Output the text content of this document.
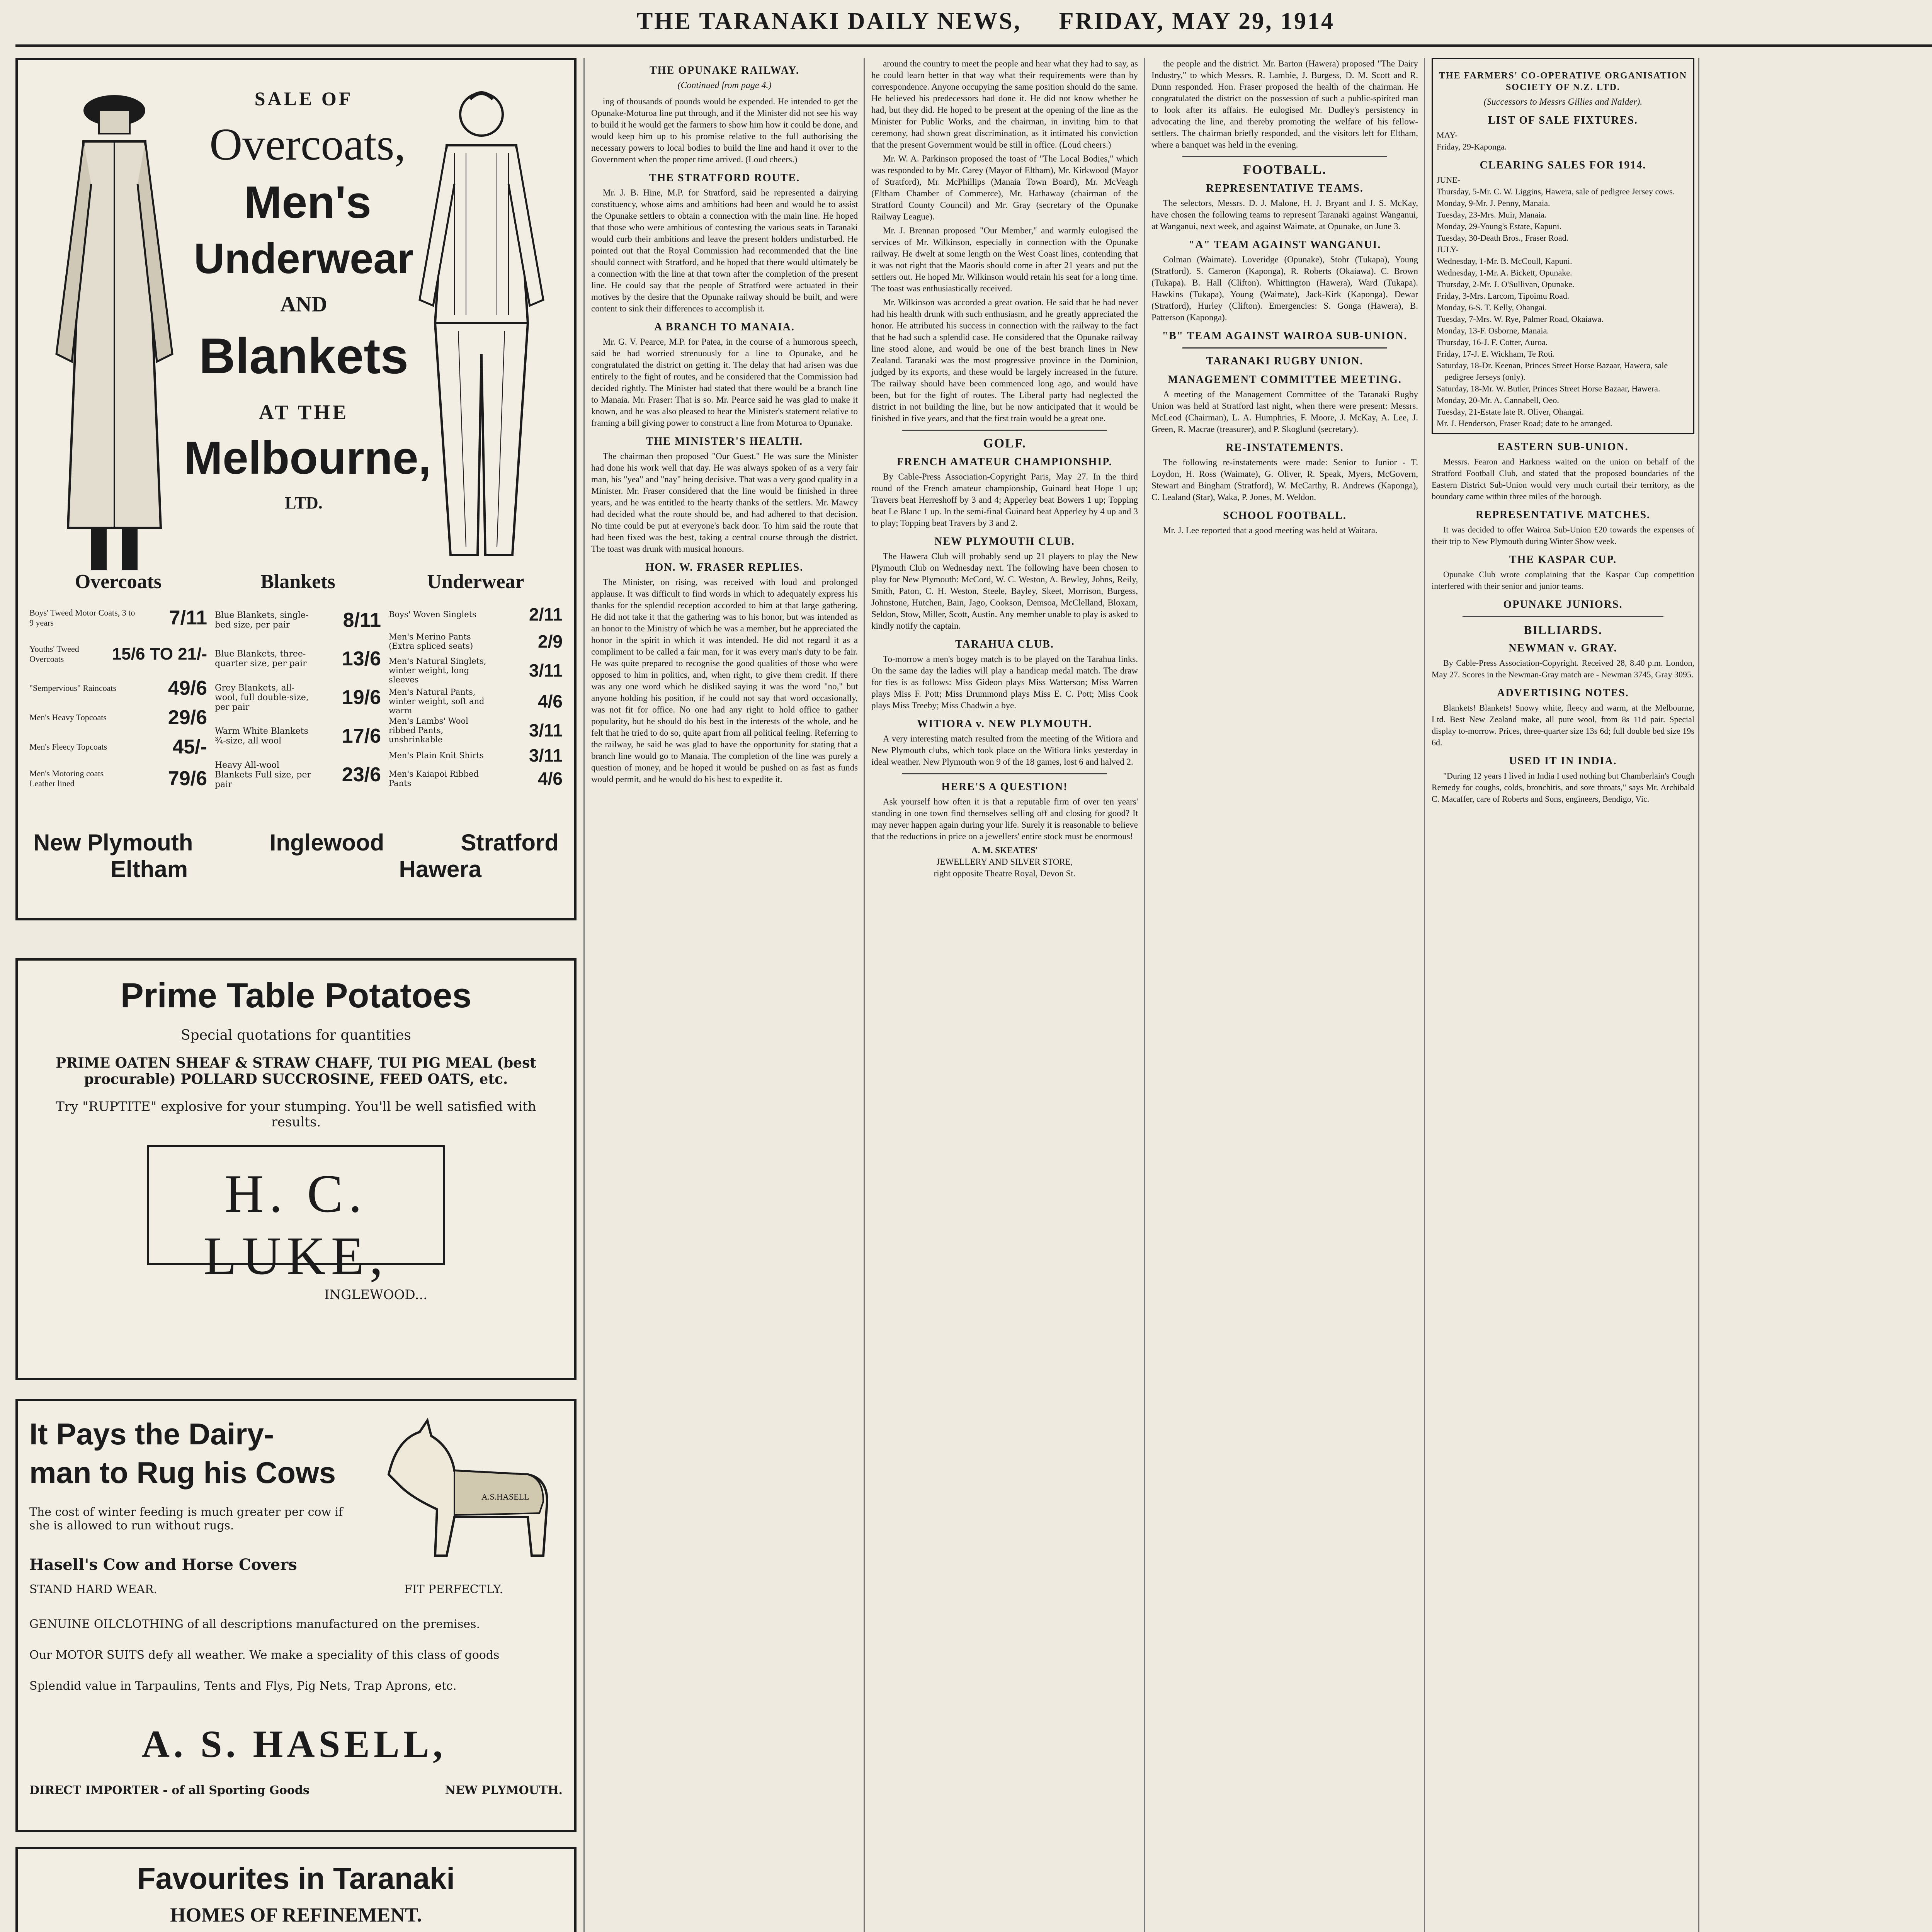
THE TARANAKI DAILY NEWS, FRIDAY, MAY 29, 1914
SALE OF
Overcoats,
Men's
Underwear
AND
Blankets
AT THE
Melbourne,
LTD.
Overcoats
Boys' Tweed Motor Coats, 3 to 9 years	7/11
Youths' Tweed Overcoats	15/6 TO 21/-
"Sempervious" Raincoats	49/6
Men's Heavy Topcoats	29/6
Men's Fleecy Topcoats	45/-
Men's Motoring coats Leather lined	79/6
Blankets
Blue Blankets, single-bed size, per pair	8/11
Blue Blankets, three-quarter size, per pair 13/6
Grey Blankets, all-wool, full double-size, per pair	19/6
Warm White Blankets ¾-size, all wool	17/6
Heavy All-wool Blankets Full size, per pair	23/6
Underwear
Boys' Woven Singlets	2/11
Men's Merino Pants (Extra spliced seats)	2/9
Men's Natural Singlets, winter weight, long sleeves	3/11
Men's Natural Pants, winter weight, soft and warm	4/6
Men's Lambs' Wool ribbed Pants, unshrinkable	3/11
Men's Plain Knit Shirts	3/11
Men's Kaiapoi Ribbed Pants	4/6
New Plymouth	Inglewood	Stratford
Eltham	Hawera
Prime Table Potatoes
Special quotations for quantities
PRIME OATEN SHEAF & STRAW CHAFF, TUI PIG MEAL (best procurable) POLLARD SUCCROSINE, FEED OATS, etc.
Try "RUPTITE" explosive for your stumping. You'll be well satisfied with results.
H. C. LUKE,
INGLEWOOD...
It Pays the Dairy-
man to Rug his Cows
A.S.HASELL
The cost of winter feeding is much greater per cow if she is allowed to run without rugs.
Hasell's Cow and Horse Covers
STAND HARD WEAR.	FIT PERFECTLY.
GENUINE OILCLOTHING of all descriptions manufactured on the premises.
Our MOTOR SUITS defy all weather. We make a speciality of this class of goods
Splendid value in Tarpaulins, Tents and Flys, Pig Nets, Trap Aprons, etc.
A. S. HASELL,
DIRECT IMPORTER - of all Sporting Goods	NEW PLYMOUTH.
Favourites in Taranaki
HOMES OF REFINEMENT.
THE OPUNAKE RAILWAY.
(Continued from page 4.)

ing of thousands of pounds would be expended. He intended to get the Opunake-Moturoa line put through, and if the Minister did not see his way to build it he would get the farmers to show him how it could be done, and would keep him up to his promise relative to the full authorising the necessary powers to local bodies to build the line and hand it over to the Government when the proper time arrived. (Loud cheers.)

THE STRATFORD ROUTE.

Mr. J. B. Hine, M.P. for Stratford, said he represented a dairying constituency, whose aims and ambitions had been and would be to assist the Opunake settlers to obtain a connection with the main line. He hoped that those who were ambitious of contesting the various seats in Taranaki would curb their ambitions and leave the present holders undisturbed. He pointed out that the Royal Commission had recommended that the line should connect with Stratford, and he hoped that there would ultimately be a connection with the line at that town after the completion of the present line. He could say that the people of Stratford were actuated in their motives by the desire that the Opunake railway should be built, and were content to sink their differences to accomplish it.

A BRANCH TO MANAIA.

Mr. G. V. Pearce, M.P. for Patea, in the course of a humorous speech, said he had worried strenuously for a line to Opunake, and he congratulated the district on getting it. The delay that had arisen was due entirely to the fight of routes, and he considered that the Commission had decided rightly. The Minister had stated that there would be a branch line to Manaia. Mr. Fraser: That is so. Mr. Pearce said he was glad to make it known, and he was also pleased to hear the Minister's statement relative to framing a bill giving power to construct a line from Moturoa to Opunake.

THE MINISTER'S HEALTH.

The chairman then proposed "Our Guest." He was sure the Minister had done his work well that day. He was always spoken of as a very fair man, his "yea" and "nay" being decisive. That was a very good quality in a Minister. Mr. Fraser considered that the line would be finished in three years, and he was entitled to the hearty thanks of the settlers. Mr. Mawcy had decided what the route should be, and had adhered to that decision. No time could be put at everyone's back door. To him said the route that had been fixed was the best, taking a central course through the district. The toast was drunk with musical honours.

HON. W. FRASER REPLIES.

The Minister, on rising, was received with loud and prolonged applause. It was difficult to find words in which to adequately express his thanks for the splendid reception accorded to him at that large gathering. He did not take it that the gathering was to his honor, but was intended as an honor to the Ministry of which he was a member, but he appreciated the honor in the spirit in which it was intended. He did not regard it as a compliment to be called a fair man, for it was every man's duty to be fair. He was quite prepared to recognise the good qualities of those who were opposed to him in politics, and, when right, to give them credit. If there was any one word which he disliked saying it was the word "no," but anyone holding his position, if he could not say that word occasionally, was not fit for office. No one had any right to hold office to gather popularity, but he should do his best in the interests of the whole, and he felt that he tried to do so, quite apart from all political feeling. Referring to the railway, he said he was glad to have the opportunity for stating that a branch line would go to Manaia. The completion of the line was purely a question of money, and he hoped it would be pushed on as fast as funds would permit, and he would do his best to expedite it.

around the country to meet the people and hear what they had to say, as he could learn better in that way what their requirements were than by correspondence. Anyone occupying the same position should do the same. He believed his predecessors had done it. He did not know whether he had, but they did. He hoped to be present at the opening of the line as the Minister for Public Works, and the chairman, in inviting him to that ceremony, had shown great discrimination, as it intimated his conviction that the present Government would be still in office. (Loud cheers.)

Mr. W. A. Parkinson proposed the toast of "The Local Bodies," which was responded to by Mr. Carey (Mayor of Eltham), Mr. Kirkwood (Mayor of Stratford), Mr. McPhillips (Manaia Town Board), Mr. McVeagh (Eltham Chamber of Commerce), Mr. Hathaway (chairman of the Stratford County Council) and Mr. Gray (secretary of the Opunake Railway League).

Mr. J. Brennan proposed "Our Member," and warmly eulogised the services of Mr. Wilkinson, especially in connection with the Opunake railway. He dwelt at some length on the West Coast lines, contending that it was not right that the Maoris should come in after 21 years and put the settlers out. He hoped Mr. Wilkinson would retain his seat for a long time. The toast was enthusiastically received.

Mr. Wilkinson was accorded a great ovation. He said that he had never had his health drunk with such enthusiasm, and he greatly appreciated the honor. He attributed his success in connection with the railway to the fact that he had such a splendid case. He considered that the Opunake railway line stood alone, and would be one of the best branch lines in New Zealand. Taranaki was the most progressive province in the Dominion, judged by its exports, and these would be largely increased in the future. The railway should have been commenced long ago, and would have been, but for the fight of routes. The Liberal party had neglected the district in not building the line, but he now anticipated that it would be finished in five years, and that the first train would be a great one.

GOLF.
FRENCH AMATEUR CHAMPIONSHIP.

By Cable-Press Association-Copyright Paris, May 27. In the third round of the French amateur championship, Guinard beat Hope 1 up; Travers beat Herreshoff by 3 and 4; Apperley beat Bowers 1 up; Topping beat Le Blanc 1 up. In the semi-final Guinard beat Apperley by 4 up and 3 to play; Topping beat Travers by 3 and 2.

NEW PLYMOUTH CLUB.

The Hawera Club will probably send up 21 players to play the New Plymouth Club on Wednesday next. The following have been chosen to play for New Plymouth: McCord, W. C. Weston, A. Bewley, Johns, Reily, Smith, Paton, C. H. Weston, Steele, Bayley, Skeet, Morrison, Burgess, Johnstone, Hutchen, Bain, Jago, Cookson, Demsoa, McClelland, Bloxam, Seldon, Stow, Miller, Scott, Austin. Any member unable to play is asked to kindly notify the captain.

TARAHUA CLUB.

To-morrow a men's bogey match is to be played on the Tarahua links. On the same day the ladies will play a handicap medal match. The draw for ties is as follows: Miss Gideon plays Miss Watterson; Miss Warren plays Miss F. Pott; Miss Drummond plays Miss E. C. Pott; Miss Cook plays Miss Treeby; Miss Chadwin a bye.

WITIORA v. NEW PLYMOUTH.

A very interesting match resulted from the meeting of the Witiora and New Plymouth clubs, which took place on the Witiora links yesterday in ideal weather. New Plymouth won 9 of the 18 games, lost 6 and halved 2.

HERE'S A QUESTION!

Ask yourself how often it is that a reputable firm of over ten years' standing in one town find themselves selling off and closing for good? It may never happen again during your life. Surely it is reasonable to believe that the reductions in price on a jewellers' entire stock must be enormous!

A. M. SKEATES'
JEWELLERY AND SILVER STORE,
right opposite Theatre Royal, Devon St.

the people and the district. Mr. Barton (Hawera) proposed "The Dairy Industry," to which Messrs. R. Lambie, J. Burgess, D. M. Scott and R. Dunn responded. Hon. Fraser proposed the health of the chairman. He congratulated the district on the possession of such a public-spirited man to look after its affairs. He eulogised Mr. Dudley's persistency in advocating the line, and thereby promoting the welfare of his fellow-settlers. The chairman briefly responded, and the visitors left for Eltham, where a banquet was held in the evening.

FOOTBALL.
REPRESENTATIVE TEAMS.

The selectors, Messrs. D. J. Malone, H. J. Bryant and J. S. McKay, have chosen the following teams to represent Taranaki against Wanganui, at Wanganui, next week, and against Waimate, at Opunake, on June 3.

"A" TEAM AGAINST WANGANUI.

Colman (Waimate). Loveridge (Opunake), Stohr (Tukapa), Young (Stratford). S. Cameron (Kaponga), R. Roberts (Okaiawa). C. Brown (Tukapa). B. Hall (Clifton). Whittington (Hawera), Ward (Tukapa). Hawkins (Tukapa), Young (Waimate), Jack-Kirk (Kaponga), Dewar (Stratford), Hurley (Clifton). Emergencies: S. Gonga (Hawera), B. Patterson (Kaponga).

"B" TEAM AGAINST WAIROA SUB-UNION.
TARANAKI RUGBY UNION.
MANAGEMENT COMMITTEE MEETING.

A meeting of the Management Committee of the Taranaki Rugby Union was held at Stratford last night, when there were present: Messrs. McLeod (Chairman), L. A. Humphries, F. Moore, J. McKay, A. Lee, J. Green, R. Macrae (treasurer), and P. Skoglund (secretary).

RE-INSTATEMENTS.

The following re-instatements were made: Senior to Junior - T. Loydon, H. Ross (Waimate), G. Oliver, R. Speak, Myers, McGovern, Stewart and Bingham (Stratford), W. McCarthy, R. Andrews (Kaponga), C. Lealand (Star), Waka, P. Jones, M. Weldon.

SCHOOL FOOTBALL.

Mr. J. Lee reported that a good meeting was held at Waitara.

THE FARMERS' CO-OPERATIVE ORGANISATION SOCIETY OF N.Z. LTD.
(Successors to Messrs Gillies and Nalder).
LIST OF SALE FIXTURES.
MAY-

Friday, 29-Kaponga.

CLEARING SALES FOR 1914.
JUNE-

Thursday, 5-Mr. C. W. Liggins, Hawera, sale of pedigree Jersey cows.

Monday, 9-Mr. J. Penny, Manaia.

Tuesday, 23-Mrs. Muir, Manaia.

Monday, 29-Young's Estate, Kapuni.

Tuesday, 30-Death Bros., Fraser Road.

JULY-

Wednesday, 1-Mr. B. McCoull, Kapuni.

Wednesday, 1-Mr. A. Bickett, Opunake.

Thursday, 2-Mr. J. O'Sullivan, Opunake.

Friday, 3-Mrs. Larcom, Tipoimu Road.

Monday, 6-S. T. Kelly, Ohangai.

Tuesday, 7-Mrs. W. Rye, Palmer Road, Okaiawa.

Monday, 13-F. Osborne, Manaia.

Thursday, 16-J. F. Cotter, Auroa.

Friday, 17-J. E. Wickham, Te Roti.

Saturday, 18-Dr. Keenan, Princes Street Horse Bazaar, Hawera, sale pedigree Jerseys (only).

Saturday, 18-Mr. W. Butler, Princes Street Horse Bazaar, Hawera.

Monday, 20-Mr. A. Cannabell, Oeo.

Tuesday, 21-Estate late R. Oliver, Ohangai.

Mr. J. Henderson, Fraser Road; date to be arranged.

EASTERN SUB-UNION.

Messrs. Fearon and Harkness waited on the union on behalf of the Stratford Football Club, and stated that the proposed boundaries of the Eastern District Sub-Union would very much curtail their territory, as the boundary came within three miles of the borough.

REPRESENTATIVE MATCHES.

It was decided to offer Wairoa Sub-Union £20 towards the expenses of their trip to New Plymouth during Winter Show week.

THE KASPAR CUP.

Opunake Club wrote complaining that the Kaspar Cup competition interfered with their senior and junior teams.

OPUNAKE JUNIORS.
BILLIARDS.
NEWMAN v. GRAY.

By Cable-Press Association-Copyright. Received 28, 8.40 p.m. London, May 27. Scores in the Newman-Gray match are - Newman 3745, Gray 3095.

ADVERTISING NOTES.

Blankets! Blankets! Snowy white, fleecy and warm, at the Melbourne, Ltd. Best New Zealand make, all pure wool, from 8s 11d pair. Special display to-morrow. Prices, three-quarter size 13s 6d; full double bed size 19s 6d.

USED IT IN INDIA.

"During 12 years I lived in India I used nothing but Chamberlain's Cough Remedy for coughs, colds, bronchitis, and sore throats," says Mr. Archibald C. Macaffer, care of Roberts and Sons, engineers, Bendigo, Vic.
